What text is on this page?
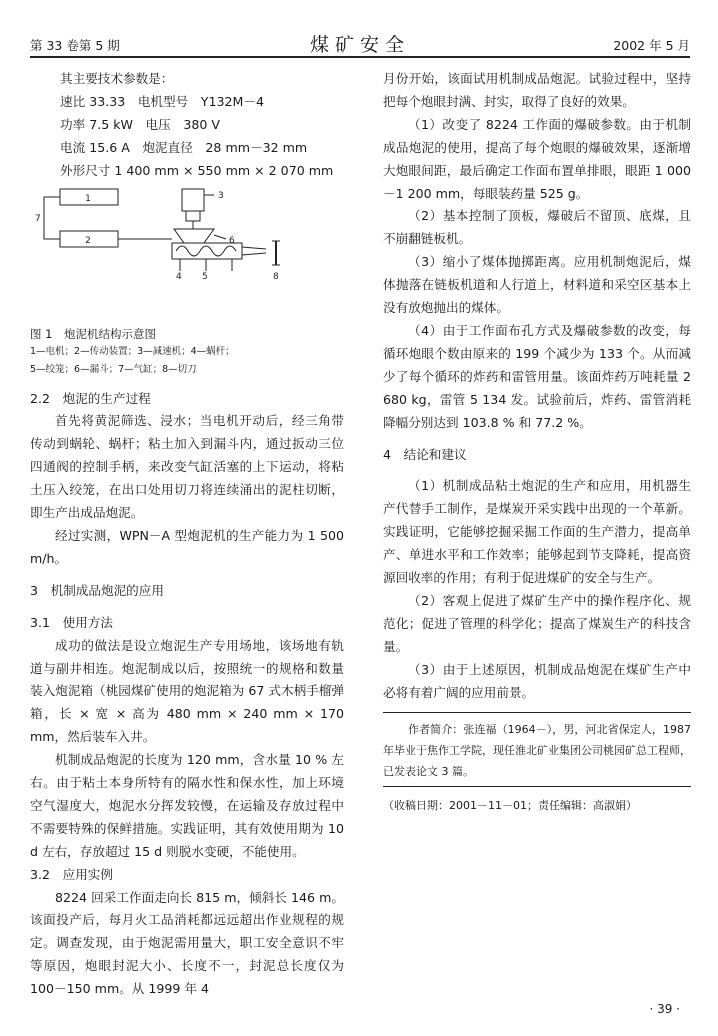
第 33 卷第 5 期	煤矿安全	2002 年 5 月

其主要技术参数是：

速比 33.33　电机型号　Y132M－4

功率 7.5 kW　电压　380 V

电流 15.6 A　炮泥直径　28 mm－32 mm

外形尺寸 1 400 mm × 550 mm × 2 070 mm

1
2
3
4 5
6
7
8

图 1　炮泥机结构示意图

1—电机；2—传动装置；3—减速机；4—蜗杆；

5—绞笼；6—漏斗；7—气缸；8—切刀

2.2　炮泥的生产过程

首先将黄泥筛选、浸水；当电机开动后，经三角带传动到蜗轮、蜗杆；粘土加入到漏斗内，通过扳动三位四通阀的控制手柄，来改变气缸活塞的上下运动，将粘土压入绞笼，在出口处用切刀将连续涌出的泥柱切断，即生产出成品炮泥。

经过实测，WPN－A 型炮泥机的生产能力为 1 500 m/h。

3　机制成品炮泥的应用

3.1　使用方法

成功的做法是设立炮泥生产专用场地，该场地有轨道与副井相连。炮泥制成以后，按照统一的规格和数量装入炮泥箱（桃园煤矿使用的炮泥箱为 67 式木柄手榴弹箱，长 × 宽 × 高为 480 mm × 240 mm × 170 mm，然后装车入井。

机制成品炮泥的长度为 120 mm，含水量 10 % 左右。由于粘土本身所特有的隔水性和保水性，加上环境空气湿度大，炮泥水分挥发较慢，在运输及存放过程中不需要特殊的保鲜措施。实践证明，其有效使用期为 10 d 左右，存放超过 15 d 则脱水变硬，不能使用。

3.2　应用实例

8224 回采工作面走向长 815 m，倾斜长 146 m。该面投产后，每月火工品消耗都远远超出作业规程的规定。调查发现，由于炮泥需用量大，职工安全意识不牢等原因，炮眼封泥大小、长度不一，封泥总长度仅为 100－150 mm。从 1999 年 4

月份开始，该面试用机制成品炮泥。试验过程中，坚持把每个炮眼封满、封实，取得了良好的效果。

（1）改变了 8224 工作面的爆破参数。由于机制成品炮泥的使用，提高了每个炮眼的爆破效果，逐渐增大炮眼间距，最后确定工作面布置单排眼，眼距 1 000－1 200 mm，每眼装药量 525 g。

（2）基本控制了顶板，爆破后不留顶、底煤，且不崩翻链板机。

（3）缩小了煤体抛掷距离。应用机制炮泥后，煤体抛落在链板机道和人行道上，材料道和采空区基本上没有放炮抛出的煤体。

（4）由于工作面布孔方式及爆破参数的改变，每循环炮眼个数由原来的 199 个减少为 133 个。从而减少了每个循环的炸药和雷管用量。该面炸药万吨耗量 2 680 kg，雷管 5 134 发。试验前后，炸药、雷管消耗降幅分别达到 103.8 % 和 77.2 %。

4　结论和建议

（1）机制成品粘土炮泥的生产和应用，用机器生产代替手工制作，是煤炭开采实践中出现的一个革新。实践证明，它能够挖掘采掘工作面的生产潜力，提高单产、单进水平和工作效率；能够起到节支降耗，提高资源回收率的作用；有利于促进煤矿的安全与生产。

（2）客观上促进了煤矿生产中的操作程序化、规范化；促进了管理的科学化；提高了煤炭生产的科技含量。

（3）由于上述原因，机制成品炮泥在煤矿生产中必将有着广阔的应用前景。

作者简介：张连福（1964－），男，河北省保定人，1987 年毕业于焦作工学院，现任淮北矿业集团公司桃园矿总工程师，已发表论文 3 篇。

（收稿日期：2001－11－01；责任编辑：高淑娟）

· 39 ·
